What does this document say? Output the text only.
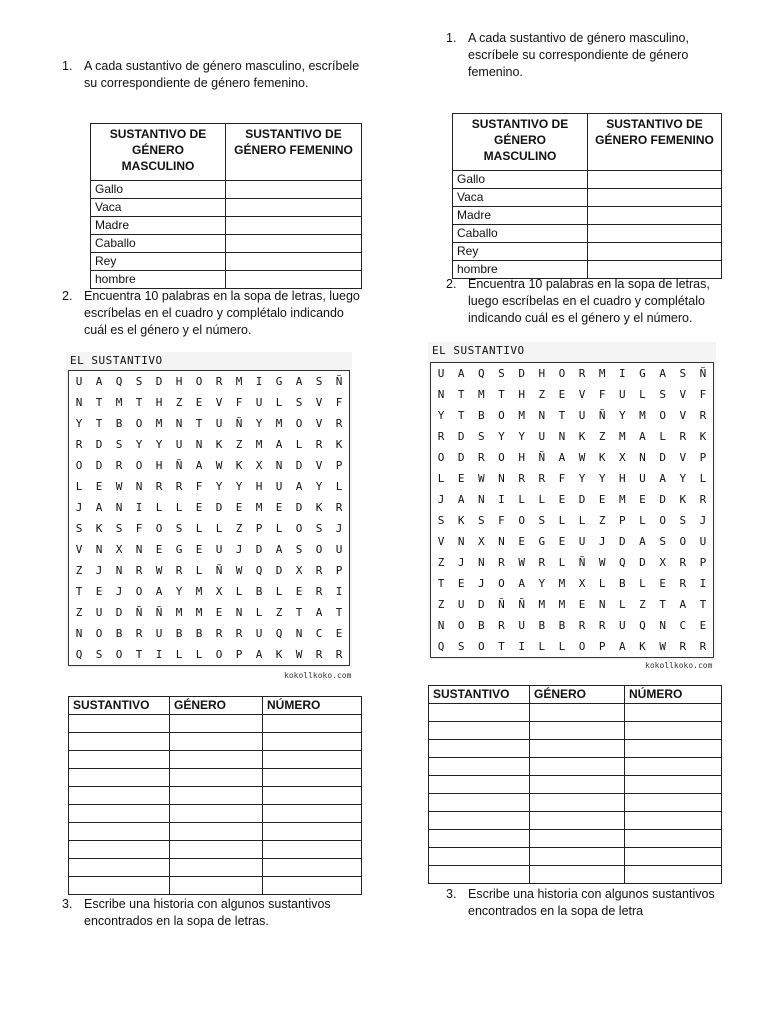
1. A cada sustantivo de género masculino, escríbele su correspondiente de género femenino.
SUSTANTIVO DE GÉNERO MASCULINO	SUSTANTIVO DE GÉNERO FEMENINO
Gallo	
Vaca	
Madre	
Caballo	
Rey	
hombre	
2. Encuentra 10 palabras en la sopa de letras, luego escríbelas en el cuadro y complétalo indicando cuál es el género y el número.
EL SUSTANTIVO
U	A	Q	S	D	H	O	R	M	I	G	A	S	Ñ
N	T	M	T	H	Z	E	V	F	U	L	S	V	F
Y	T	B	O	M	N	T	U	Ñ	Y	M	O	V	R
R	D	S	Y	Y	U	N	K	Z	M	A	L	R	K
O	D	R	O	H	Ñ	A	W	K	X	N	D	V	P
L	E	W	N	R	R	F	Y	Y	H	U	A	Y	L
J	A	N	I	L	L	E	D	E	M	E	D	K	R
S	K	S	F	O	S	L	L	Z	P	L	O	S	J
V	N	X	N	E	G	E	U	J	D	A	S	O	U
Z	J	N	R	W	R	L	Ñ	W	Q	D	X	R	P
T	E	J	O	A	Y	M	X	L	B	L	E	R	I
Z	U	D	Ñ	Ñ	M	M	E	N	L	Z	T	A	T
N	O	B	R	U	B	B	R	R	U	Q	N	C	E
Q	S	O	T	I	L	L	O	P	A	K	W	R	R
kokollkoko.com
SUSTANTIVO	GÉNERO	NÚMERO

3. Escribe una historia con algunos sustantivos encontrados en la sopa de letras.
1. A cada sustantivo de género masculino, escríbele su correspondiente de género femenino.
SUSTANTIVO DE GÉNERO MASCULINO	SUSTANTIVO DE GÉNERO FEMENINO
Gallo	
Vaca	
Madre	
Caballo	
Rey	
hombre	
2. Encuentra 10 palabras en la sopa de letras, luego escríbelas en el cuadro y complétalo indicando cuál es el género y el número.
EL SUSTANTIVO
U	A	Q	S	D	H	O	R	M	I	G	A	S	Ñ
N	T	M	T	H	Z	E	V	F	U	L	S	V	F
Y	T	B	O	M	N	T	U	Ñ	Y	M	O	V	R
R	D	S	Y	Y	U	N	K	Z	M	A	L	R	K
O	D	R	O	H	Ñ	A	W	K	X	N	D	V	P
L	E	W	N	R	R	F	Y	Y	H	U	A	Y	L
J	A	N	I	L	L	E	D	E	M	E	D	K	R
S	K	S	F	O	S	L	L	Z	P	L	O	S	J
V	N	X	N	E	G	E	U	J	D	A	S	O	U
Z	J	N	R	W	R	L	Ñ	W	Q	D	X	R	P
T	E	J	O	A	Y	M	X	L	B	L	E	R	I
Z	U	D	Ñ	Ñ	M	M	E	N	L	Z	T	A	T
N	O	B	R	U	B	B	R	R	U	Q	N	C	E
Q	S	O	T	I	L	L	O	P	A	K	W	R	R
kokollkoko.com
SUSTANTIVO	GÉNERO	NÚMERO

3. Escribe una historia con algunos sustantivos encontrados en la sopa de letra
